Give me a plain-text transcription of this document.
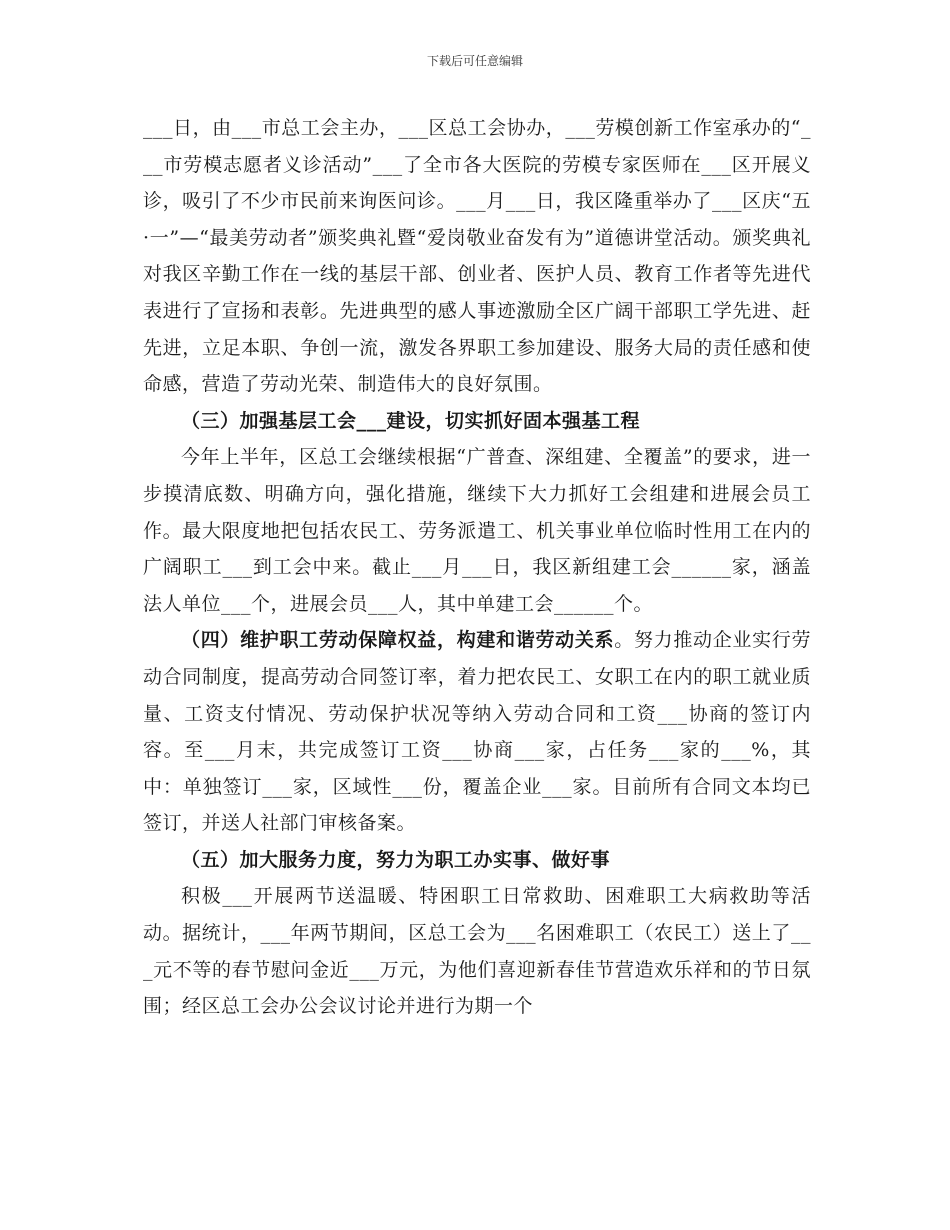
下载后可任意编辑

___日，由___市总工会主办，___区总工会协办，___劳模创新工作室承办的“___市劳模志愿者义诊活动”___了全市各大医院的劳模专家医师在___区开展义诊，吸引了不少市民前来询医问诊。___月___日，我区隆重举办了___区庆“五·一”—“最美劳动者”颁奖典礼暨“爱岗敬业奋发有为”道德讲堂活动。颁奖典礼对我区辛勤工作在一线的基层干部、创业者、医护人员、教育工作者等先进代表进行了宣扬和表彰。先进典型的感人事迹激励全区广阔干部职工学先进、赶先进，立足本职、争创一流，激发各界职工参加建设、服务大局的责任感和使命感，营造了劳动光荣、制造伟大的良好氛围。

（三）加强基层工会___建设，切实抓好固本强基工程

今年上半年，区总工会继续根据“广普查、深组建、全覆盖”的要求，进一步摸清底数、明确方向，强化措施，继续下大力抓好工会组建和进展会员工作。最大限度地把包括农民工、劳务派遣工、机关事业单位临时性用工在内的广阔职工___到工会中来。截止___月___日，我区新组建工会______家，涵盖法人单位___个，进展会员___人，其中单建工会______个。

（四）维护职工劳动保障权益，构建和谐劳动关系。努力推动企业实行劳动合同制度，提高劳动合同签订率，着力把农民工、女职工在内的职工就业质量、工资支付情况、劳动保护状况等纳入劳动合同和工资___协商的签订内容。至___月末，共完成签订工资___协商___家，占任务___家的___%，其中：单独签订___家，区域性___份，覆盖企业___家。目前所有合同文本均已签订，并送人社部门审核备案。

（五）加大服务力度，努力为职工办实事、做好事

积极___开展两节送温暖、特困职工日常救助、困难职工大病救助等活动。据统计，___年两节期间，区总工会为___名困难职工（农民工）送上了___元不等的春节慰问金近___万元，为他们喜迎新春佳节营造欢乐祥和的节日氛围；经区总工会办公会议讨论并进行为期一个
